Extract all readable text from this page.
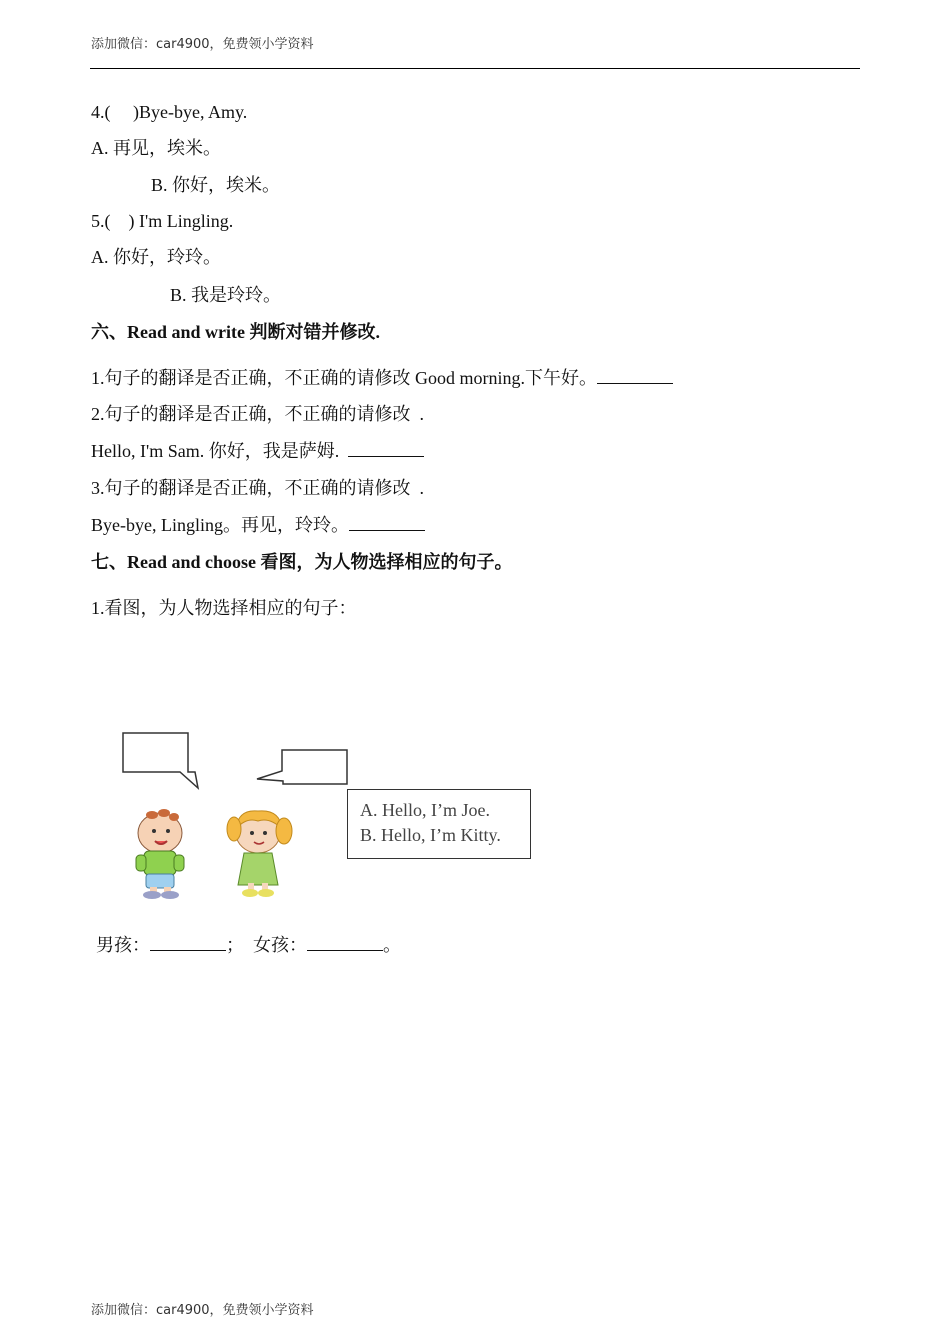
添加微信：car4900，免费领小学资料
4.(     )Bye-bye, Amy.
A. 再见，埃米。
B. 你好，埃米。
5.(    ) I'm Lingling.
A. 你好，玲玲。
B. 我是玲玲。
六、Read and write 判断对错并修改.
1.句子的翻译是否正确，不正确的请修改 Good morning.下午好。
2.句子的翻译是否正确，不正确的请修改  .
Hello, I'm Sam. 你好，我是萨姆.
3.句子的翻译是否正确，不正确的请修改  .
Bye-bye, Lingling。再见，玲玲。
七、Read and choose 看图，为人物选择相应的句子。
1.看图，为人物选择相应的句子：
A. Hello, I’m Joe.
B. Hello, I’m Kitty.
男孩：	；  女孩：	。
添加微信：car4900，免费领小学资料
